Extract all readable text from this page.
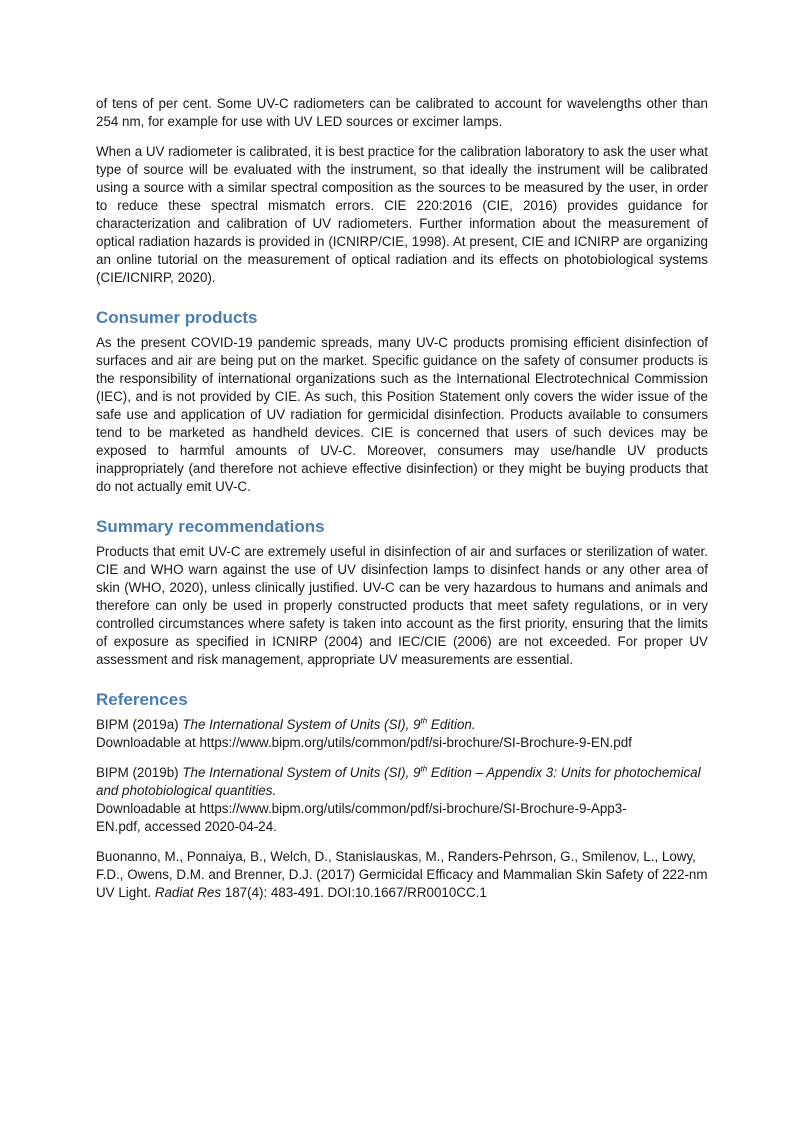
of tens of per cent. Some UV-C radiometers can be calibrated to account for wavelengths other than 254 nm, for example for use with UV LED sources or excimer lamps.

When a UV radiometer is calibrated, it is best practice for the calibration laboratory to ask the user what type of source will be evaluated with the instrument, so that ideally the instrument will be calibrated using a source with a similar spectral composition as the sources to be measured by the user, in order to reduce these spectral mismatch errors. CIE 220:2016 (CIE, 2016) provides guidance for characterization and calibration of UV radiometers. Further information about the measurement of optical radiation hazards is provided in (ICNIRP/CIE, 1998). At present, CIE and ICNIRP are organizing an online tutorial on the measurement of optical radiation and its effects on photobiological systems (CIE/ICNIRP, 2020).

Consumer products

As the present COVID-19 pandemic spreads, many UV-C products promising efficient disinfection of surfaces and air are being put on the market. Specific guidance on the safety of consumer products is the responsibility of international organizations such as the International Electrotechnical Commission (IEC), and is not provided by CIE. As such, this Position Statement only covers the wider issue of the safe use and application of UV radiation for germicidal disinfection. Products available to consumers tend to be marketed as handheld devices. CIE is concerned that users of such devices may be exposed to harmful amounts of UV-C. Moreover, consumers may use/handle UV products inappropriately (and therefore not achieve effective disinfection) or they might be buying products that do not actually emit UV-C.

Summary recommendations

Products that emit UV-C are extremely useful in disinfection of air and surfaces or sterilization of water. CIE and WHO warn against the use of UV disinfection lamps to disinfect hands or any other area of skin (WHO, 2020), unless clinically justified. UV-C can be very hazardous to humans and animals and therefore can only be used in properly constructed products that meet safety regulations, or in very controlled circumstances where safety is taken into account as the first priority, ensuring that the limits of exposure as specified in ICNIRP (2004) and IEC/CIE (2006) are not exceeded. For proper UV assessment and risk management, appropriate UV measurements are essential.

References
BIPM (2019a) The International System of Units (SI), 9th Edition.
Downloadable at https://www.bipm.org/utils/common/pdf/si-brochure/SI-Brochure-9-EN.pdf
BIPM (2019b) The International System of Units (SI), 9th Edition – Appendix 3: Units for photochemical and photobiological quantities.
Downloadable at https://www.bipm.org/utils/common/pdf/si-brochure/SI-Brochure-9-App3-
EN.pdf, accessed 2020-04-24.
Buonanno, M., Ponnaiya, B., Welch, D., Stanislauskas, M., Randers-Pehrson, G., Smilenov, L., Lowy, F.D., Owens, D.M. and Brenner, D.J. (2017) Germicidal Efficacy and Mammalian Skin Safety of 222-nm UV Light. Radiat Res 187(4): 483-491. DOI:10.1667/RR0010CC.1
